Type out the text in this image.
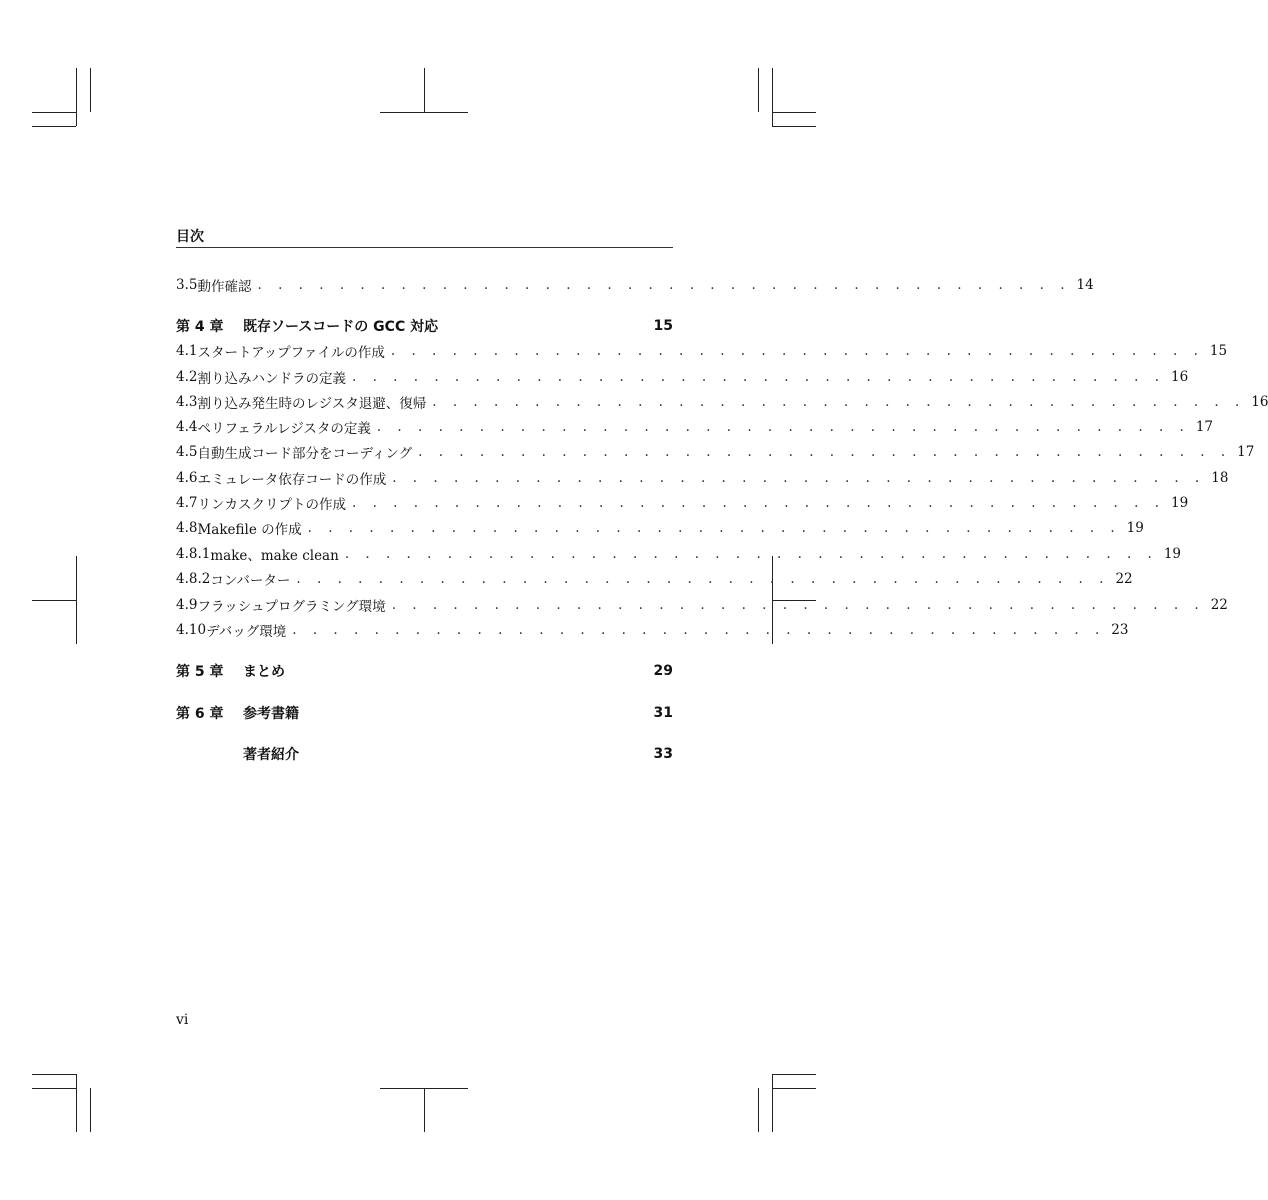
目次
3.5 動作確認 . . . . . . . . . . . . . . . . . . . . . . . . . . . . . . . . . . . . . . . . 14
第 4 章	既存ソースコードの GCC 対応	15
4.1 スタートアップファイルの作成 . . . . . . . . . . . . . . . . . . . . . . . . . . . . . . . . . . . . . . . . 15
4.2 割り込みハンドラの定義 . . . . . . . . . . . . . . . . . . . . . . . . . . . . . . . . . . . . . . . . 16
4.3 割り込み発生時のレジスタ退避、復帰 . . . . . . . . . . . . . . . . . . . . . . . . . . . . . . . . . . . . . . . . 16
4.4 ペリフェラルレジスタの定義 . . . . . . . . . . . . . . . . . . . . . . . . . . . . . . . . . . . . . . . . 17
4.5 自動生成コード部分をコーディング . . . . . . . . . . . . . . . . . . . . . . . . . . . . . . . . . . . . . . . . 17
4.6 エミュレータ依存コードの作成 . . . . . . . . . . . . . . . . . . . . . . . . . . . . . . . . . . . . . . . . 18
4.7 リンカスクリプトの作成 . . . . . . . . . . . . . . . . . . . . . . . . . . . . . . . . . . . . . . . . 19
4.8 Makefile の作成 . . . . . . . . . . . . . . . . . . . . . . . . . . . . . . . . . . . . . . . . 19
4.8.1 make、make clean . . . . . . . . . . . . . . . . . . . . . . . . . . . . . . . . . . . . . . . . 19
4.8.2 コンバーター . . . . . . . . . . . . . . . . . . . . . . . . . . . . . . . . . . . . . . . . 22
4.9 フラッシュプログラミング環境 . . . . . . . . . . . . . . . . . . . . . . . . . . . . . . . . . . . . . . . . 22
4.10 デバッグ環境 . . . . . . . . . . . . . . . . . . . . . . . . . . . . . . . . . . . . . . . . 23
第 5 章	まとめ	29
第 6 章	参考書籍	31
著者紹介	33
vi
